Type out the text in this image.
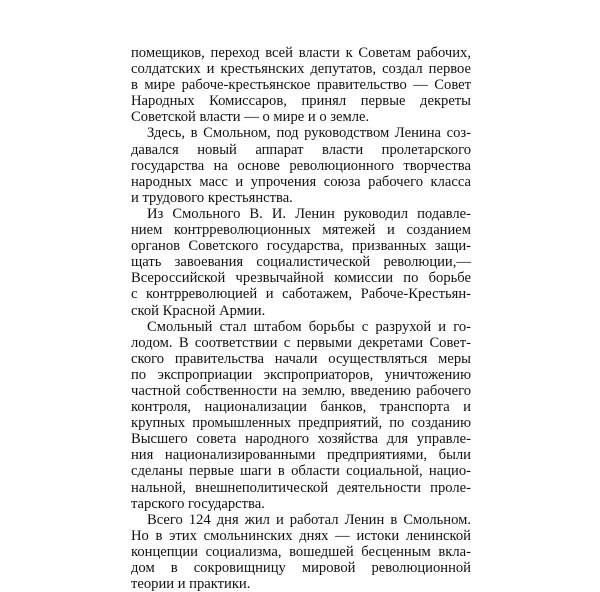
помещиков, переход всей власти к Советам рабочих,
солдатских и крестьянских депутатов, создал первое
в мире рабоче-крестьянское правительство — Совет
Народных Комиссаров, принял первые декреты
Советской власти — о мире и о земле.

Здесь, в Смольном, под руководством Ленина соз-
давался новый аппарат власти пролетарского
государства на основе революционного творчества
народных масс и упрочения союза рабочего класса
и трудового крестьянства.

Из Смольного В. И. Ленин руководил подавле-
нием контрреволюционных мятежей и созданием
органов Советского государства, призванных защи-
щать завоевания социалистической революции,—
Всероссийской чрезвычайной комиссии по борьбе
с контрреволюцией и саботажем, Рабоче-Крестьян-
ской Красной Армии.

Смольный стал штабом борьбы с разрухой и го-
лодом. В соответствии с первыми декретами Совет-
ского правительства начали осуществляться меры
по экспроприации экспроприаторов, уничтожению
частной собственности на землю, введению рабочего
контроля, национализации банков, транспорта и
крупных промышленных предприятий, по созданию
Высшего совета народного хозяйства для управле-
ния национализированными предприятиями, были
сделаны первые шаги в области социальной, нацио-
нальной, внешнеполитической деятельности проле-
тарского государства.

Всего 124 дня жил и работал Ленин в Смольном.
Но в этих смольнинских днях — истоки ленинской
концепции социализма, вошедшей бесценным вкла-
дом в сокровищницу мировой революционной
теории и практики.
